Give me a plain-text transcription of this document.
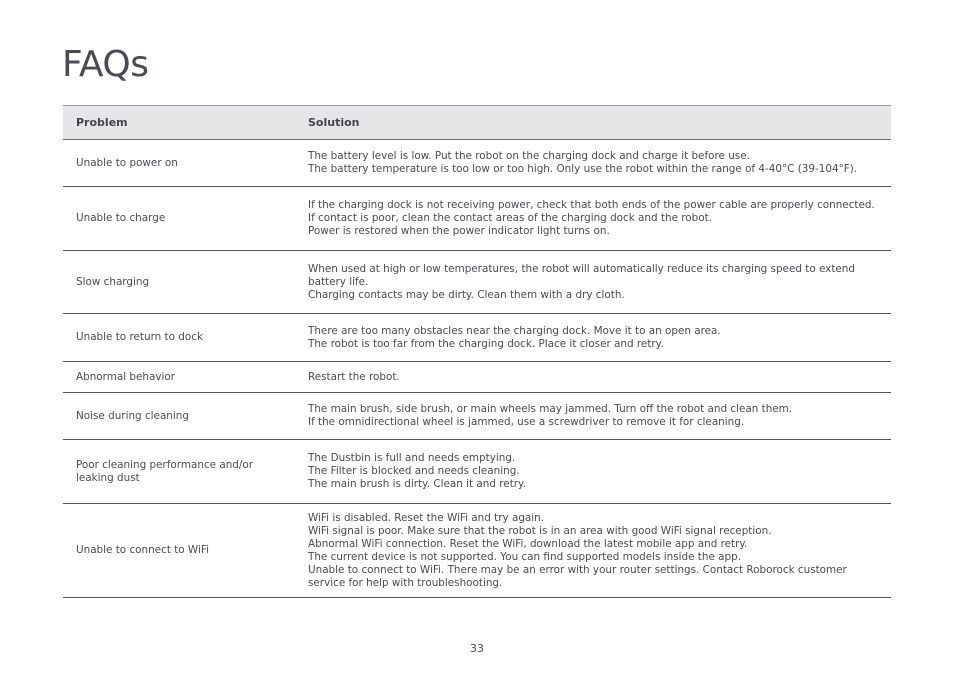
FAQs
Problem	Solution
Unable to power on	The battery level is low. Put the robot on the charging dock and charge it before use.
The battery temperature is too low or too high. Only use the robot within the range of 4-40°C (39-104°F).

Unable to charge	If the charging dock is not receiving power, check that both ends of the power cable are properly connected.
If contact is poor, clean the contact areas of the charging dock and the robot.
Power is restored when the power indicator light turns on.

Slow charging	When used at high or low temperatures, the robot will automatically reduce its charging speed to extend battery life.
Charging contacts may be dirty. Clean them with a dry cloth.

Unable to return to dock	There are too many obstacles near the charging dock. Move it to an open area.
The robot is too far from the charging dock. Place it closer and retry.

Abnormal behavior	Restart the robot.

Noise during cleaning	The main brush, side brush, or main wheels may jammed. Turn off the robot and clean them.
If the omnidirectional wheel is jammed, use a screwdriver to remove it for cleaning.

Poor cleaning performance and/or leaking dust	The Dustbin is full and needs emptying.
The Filter is blocked and needs cleaning.
The main brush is dirty. Clean it and retry.

Unable to connect to WiFi	WiFi is disabled. Reset the WiFi and try again.
WiFi signal is poor. Make sure that the robot is in an area with good WiFi signal reception.
Abnormal WiFi connection. Reset the WiFi, download the latest mobile app and retry.
The current device is not supported. You can find supported models inside the app.
Unable to connect to WiFi. There may be an error with your router settings. Contact Roborock customer service for help with troubleshooting.
33
